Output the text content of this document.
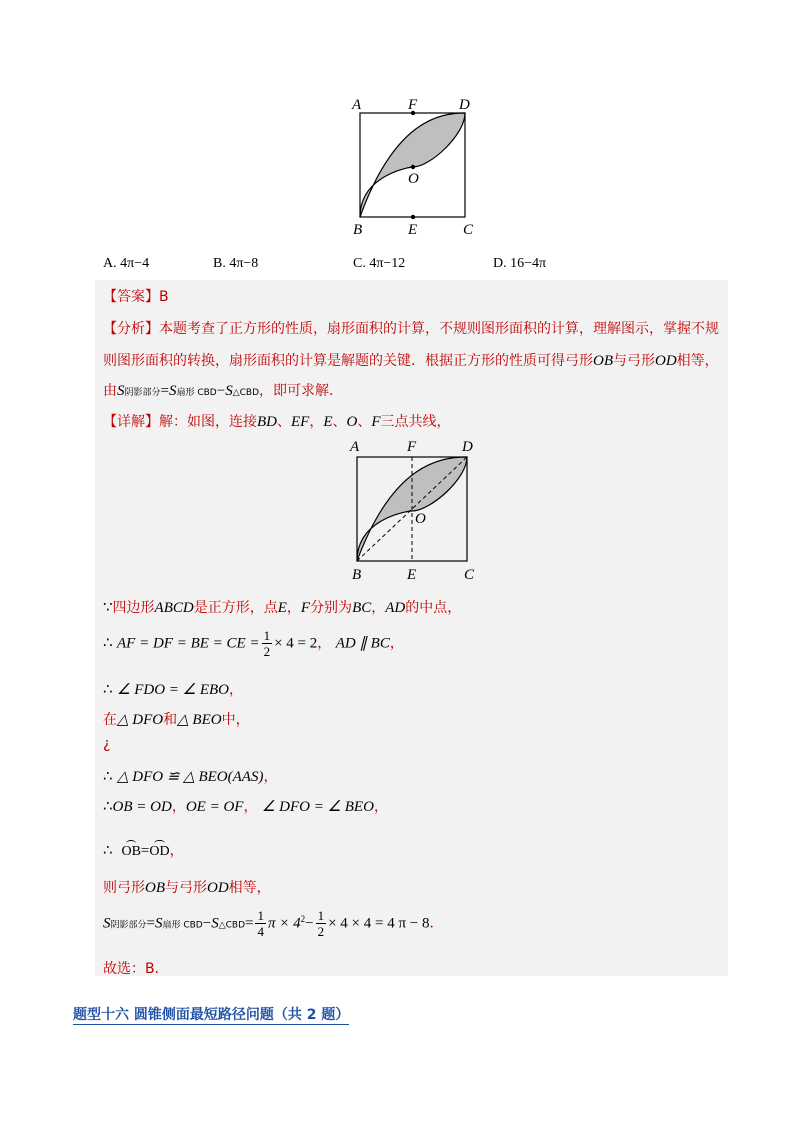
A	F	D
O
B	E	C
A. 4π−4	B. 4π−8	C. 4π−12	D. 16−4π
【答案】B
【分析】本题考查了正方形的性质，扇形面积的计算，不规则图形面积的计算，理解图示，掌握不规
则图形面积的转换，扇形面积的计算是解题的关键．根据正方形的性质可得弓形OB与弓形OD相等，
由S阴影部分=S扇形 CBD−S△CBD，即可求解．
【详解】解：如图，连接BD、EF，E、O、F三点共线，
A	F	D
O
B	E	C
∵四边形ABCD是正方形，点E，F分别为BC，AD的中点，
∴ AF = DF = BE = CE = $\frac{1}{2} \times 4 = 2$， AD ∥ BC，
∴ ∠ FDO = ∠ EBO，
在△ DFO和△ BEO中，
¿
∴ △ DFO ≌ △ BEO(AAS)，
∴OB = OD，OE = OF， ∠ DFO = ∠ BEO，
∴ OB=OD，
则弓形OB与弓形OD相等，
S阴影部分=S扇形 CBD−S△CBD= $\frac{1}{4}$ $\pi \times 4^2- \frac{1}{2} \times 4 \times 4 = 4$ π − 8．
故选：B．
题型十六 圆锥侧面最短路径问题（共 2 题）
